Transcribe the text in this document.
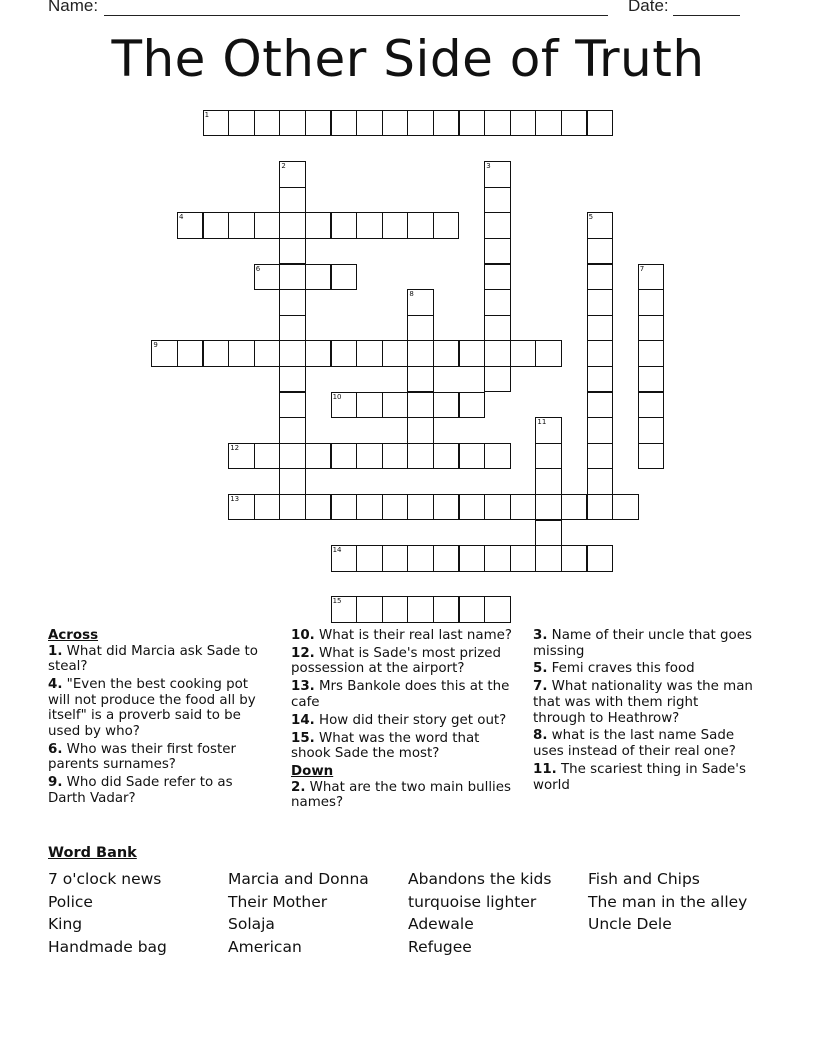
Name:	Date:
The Other Side of Truth
1
2	3
4	5
6	7
8
9
10
11
12
13
14
15
Across
1. What did Marcia ask Sade to steal?
4. "Even the best cooking pot will not produce the food all by itself" is a proverb said to be used by who?
6. Who was their first foster parents surnames?
9. Who did Sade refer to as Darth Vadar?
10. What is their real last name?
12. What is Sade's most prized possession at the airport?
13. Mrs Bankole does this at the cafe
14. How did their story get out?
15. What was the word that shook Sade the most?
Down
2. What are the two main bullies names?
3. Name of their uncle that goes missing
5. Femi craves this food
7. What nationality was the man that was with them right through to Heathrow?
8. what is the last name Sade uses instead of their real one?
11. The scariest thing in Sade's world
Word Bank
7 o'clock news
Police
King
Handmade bag
Marcia and Donna
Their Mother
Solaja
American
Abandons the kids
turquoise lighter
Adewale
Refugee
Fish and Chips
The man in the alley
Uncle Dele
